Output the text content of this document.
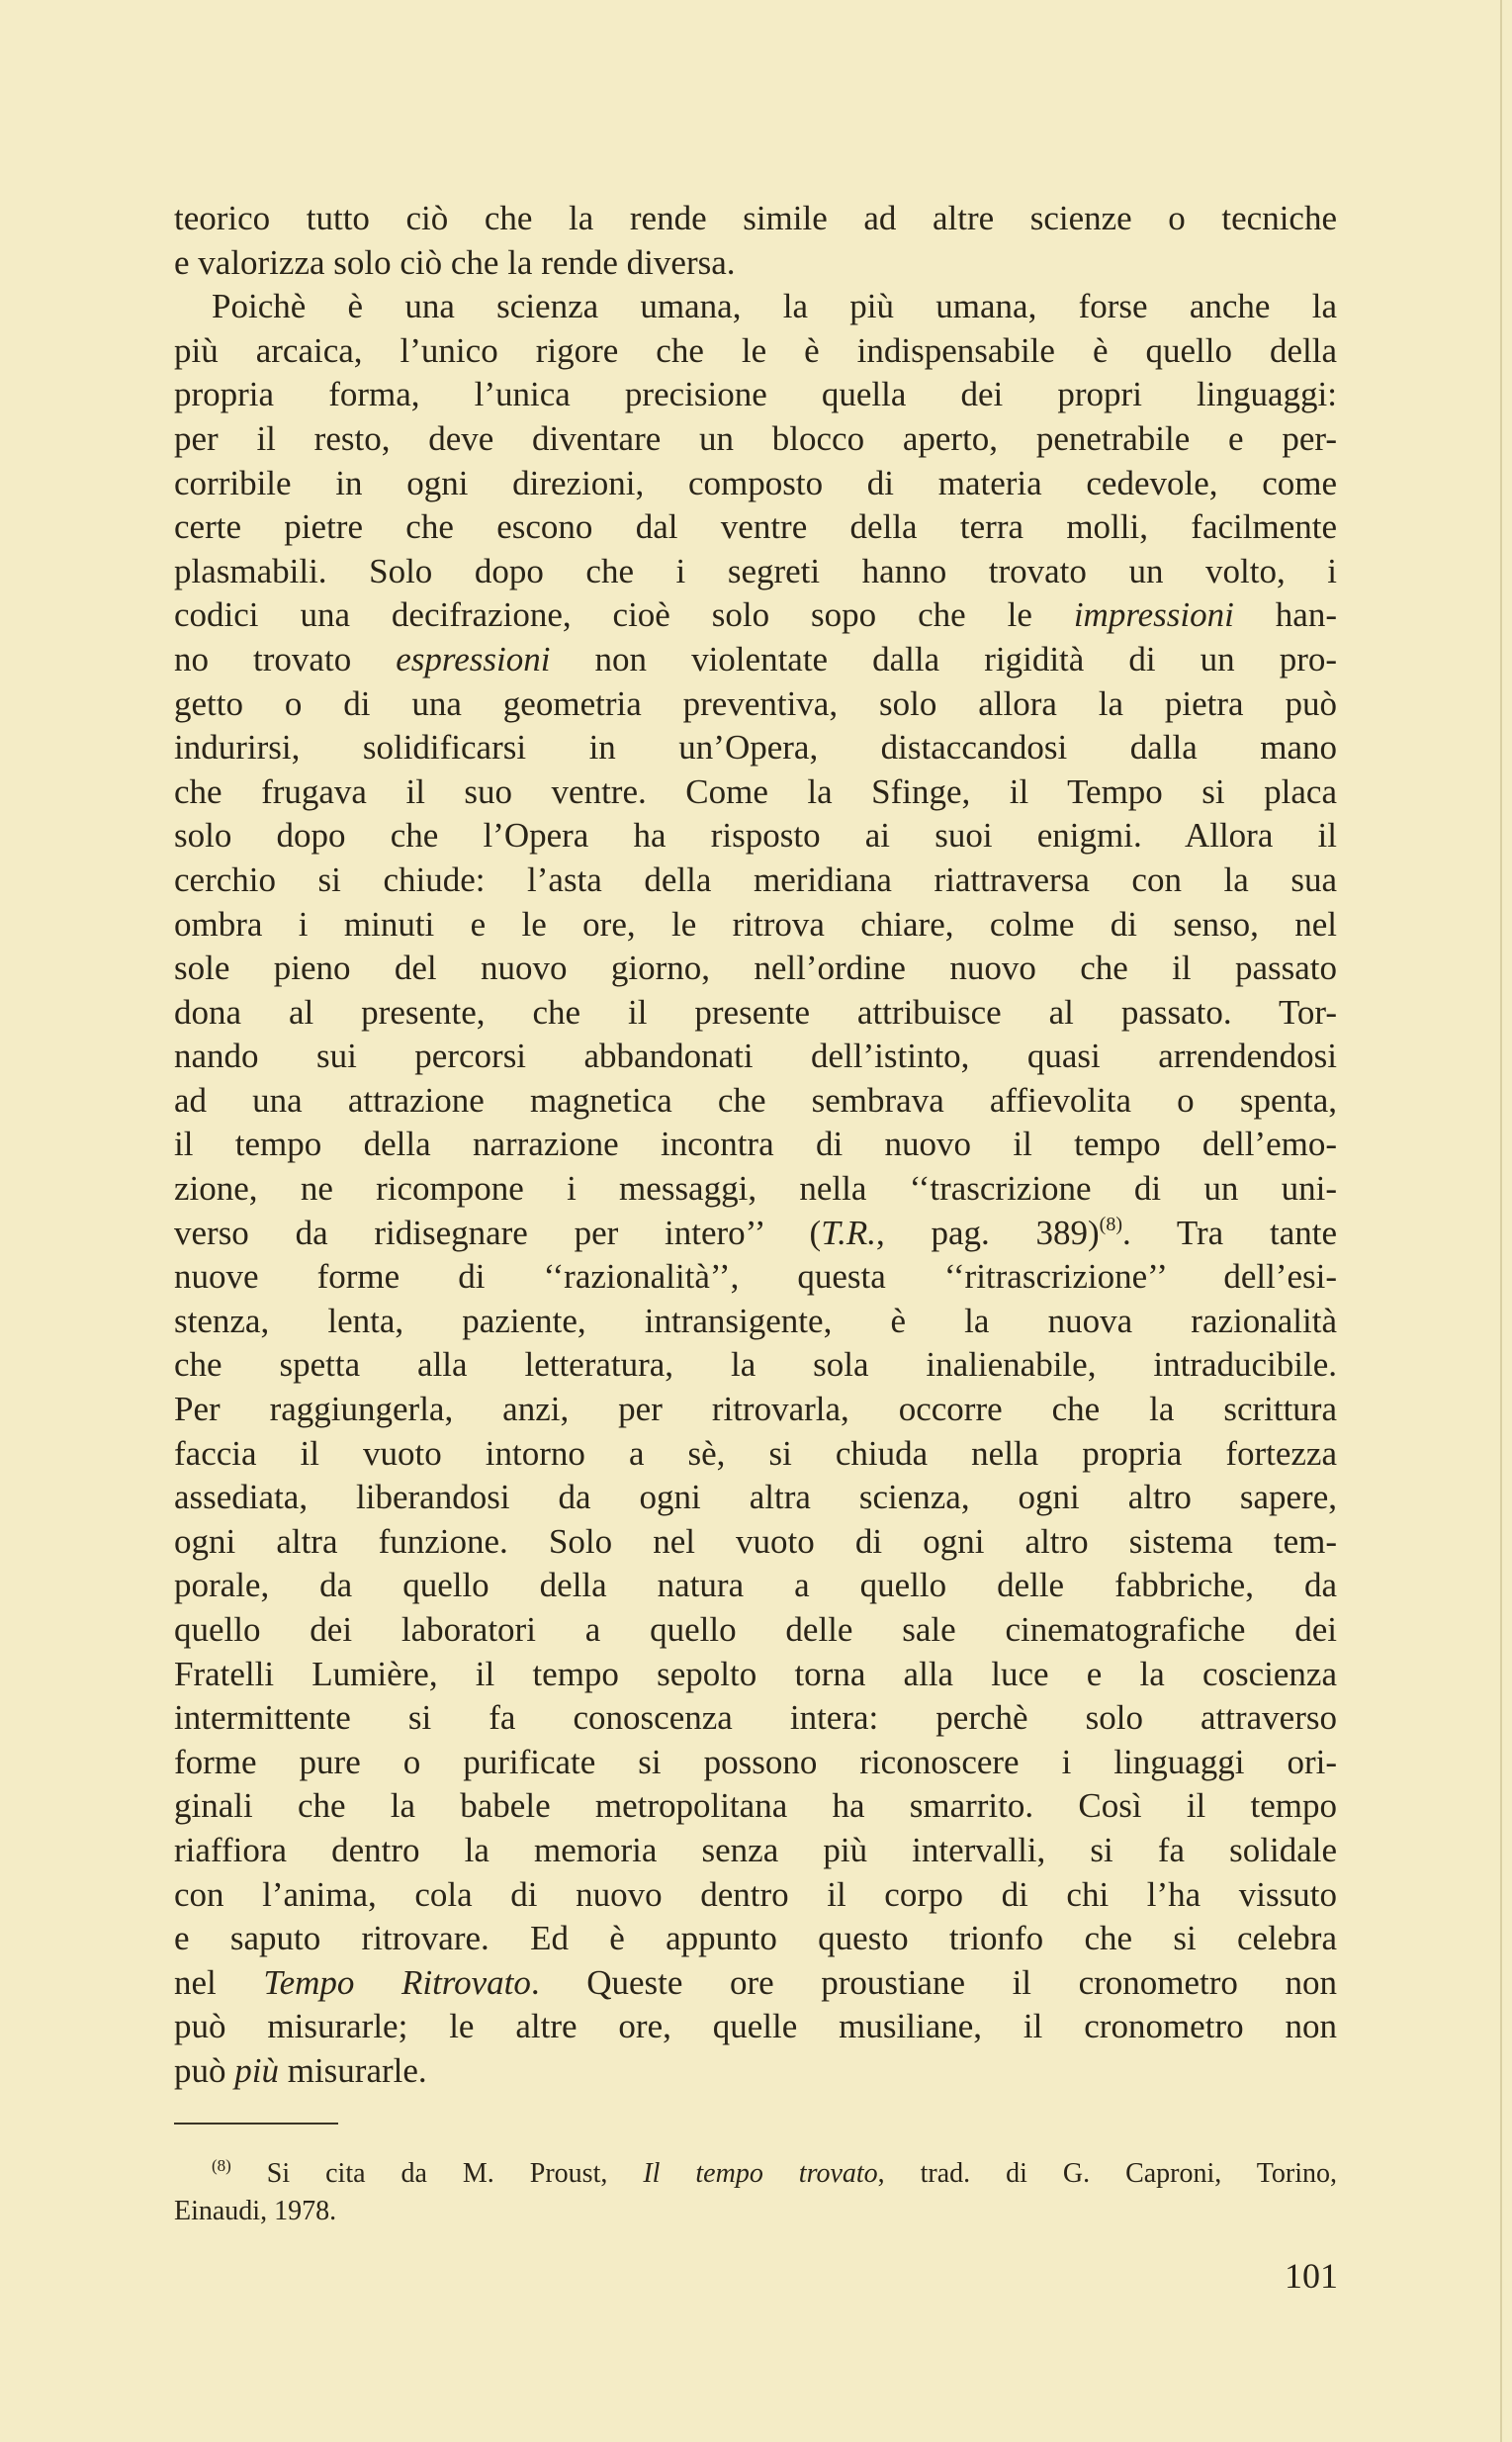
teorico tutto ciò che la rende simile ad altre scienze o tecniche
e valorizza solo ciò che la rende diversa.
Poichè è una scienza umana, la più umana, forse anche la
più arcaica, l’unico rigore che le è indispensabile è quello della
propria forma, l’unica precisione quella dei propri linguaggi:
per il resto, deve diventare un blocco aperto, penetrabile e per-
corribile in ogni direzioni, composto di materia cedevole, come
certe pietre che escono dal ventre della terra molli, facilmente
plasmabili. Solo dopo che i segreti hanno trovato un volto, i
codici una decifrazione, cioè solo sopo che le impressioni han-
no trovato espressioni non violentate dalla rigidità di un pro-
getto o di una geometria preventiva, solo allora la pietra può
indurirsi, solidificarsi in un’Opera, distaccandosi dalla mano
che frugava il suo ventre. Come la Sfinge, il Tempo si placa
solo dopo che l’Opera ha risposto ai suoi enigmi. Allora il
cerchio si chiude: l’asta della meridiana riattraversa con la sua
ombra i minuti e le ore, le ritrova chiare, colme di senso, nel
sole pieno del nuovo giorno, nell’ordine nuovo che il passato
dona al presente, che il presente attribuisce al passato. Tor-
nando sui percorsi abbandonati dell’istinto, quasi arrendendosi
ad una attrazione magnetica che sembrava affievolita o spenta,
il tempo della narrazione incontra di nuovo il tempo dell’emo-
zione, ne ricompone i messaggi, nella ‘‘trascrizione di un uni-
verso da ridisegnare per intero’’ (T.R., pag. 389)$^{(8)}$. Tra tante
nuove forme di ‘‘razionalità’’, questa ‘‘ritrascrizione’’ dell’esi-
stenza, lenta, paziente, intransigente, è la nuova razionalità
che spetta alla letteratura, la sola inalienabile, intraducibile.
Per raggiungerla, anzi, per ritrovarla, occorre che la scrittura
faccia il vuoto intorno a sè, si chiuda nella propria fortezza
assediata, liberandosi da ogni altra scienza, ogni altro sapere,
ogni altra funzione. Solo nel vuoto di ogni altro sistema tem-
porale, da quello della natura a quello delle fabbriche, da
quello dei laboratori a quello delle sale cinematografiche dei
Fratelli Lumière, il tempo sepolto torna alla luce e la coscienza
intermittente si fa conoscenza intera: perchè solo attraverso
forme pure o purificate si possono riconoscere i linguaggi ori-
ginali che la babele metropolitana ha smarrito. Così il tempo
riaffiora dentro la memoria senza più intervalli, si fa solidale
con l’anima, cola di nuovo dentro il corpo di chi l’ha vissuto
e saputo ritrovare. Ed è appunto questo trionfo che si celebra
nel Tempo Ritrovato. Queste ore proustiane il cronometro non
può misurarle; le altre ore, quelle musiliane, il cronometro non
può più misurarle.
$^{(8)}$ Si cita da M. Proust, Il tempo trovato, trad. di G. Caproni, Torino,
Einaudi, 1978.
101
